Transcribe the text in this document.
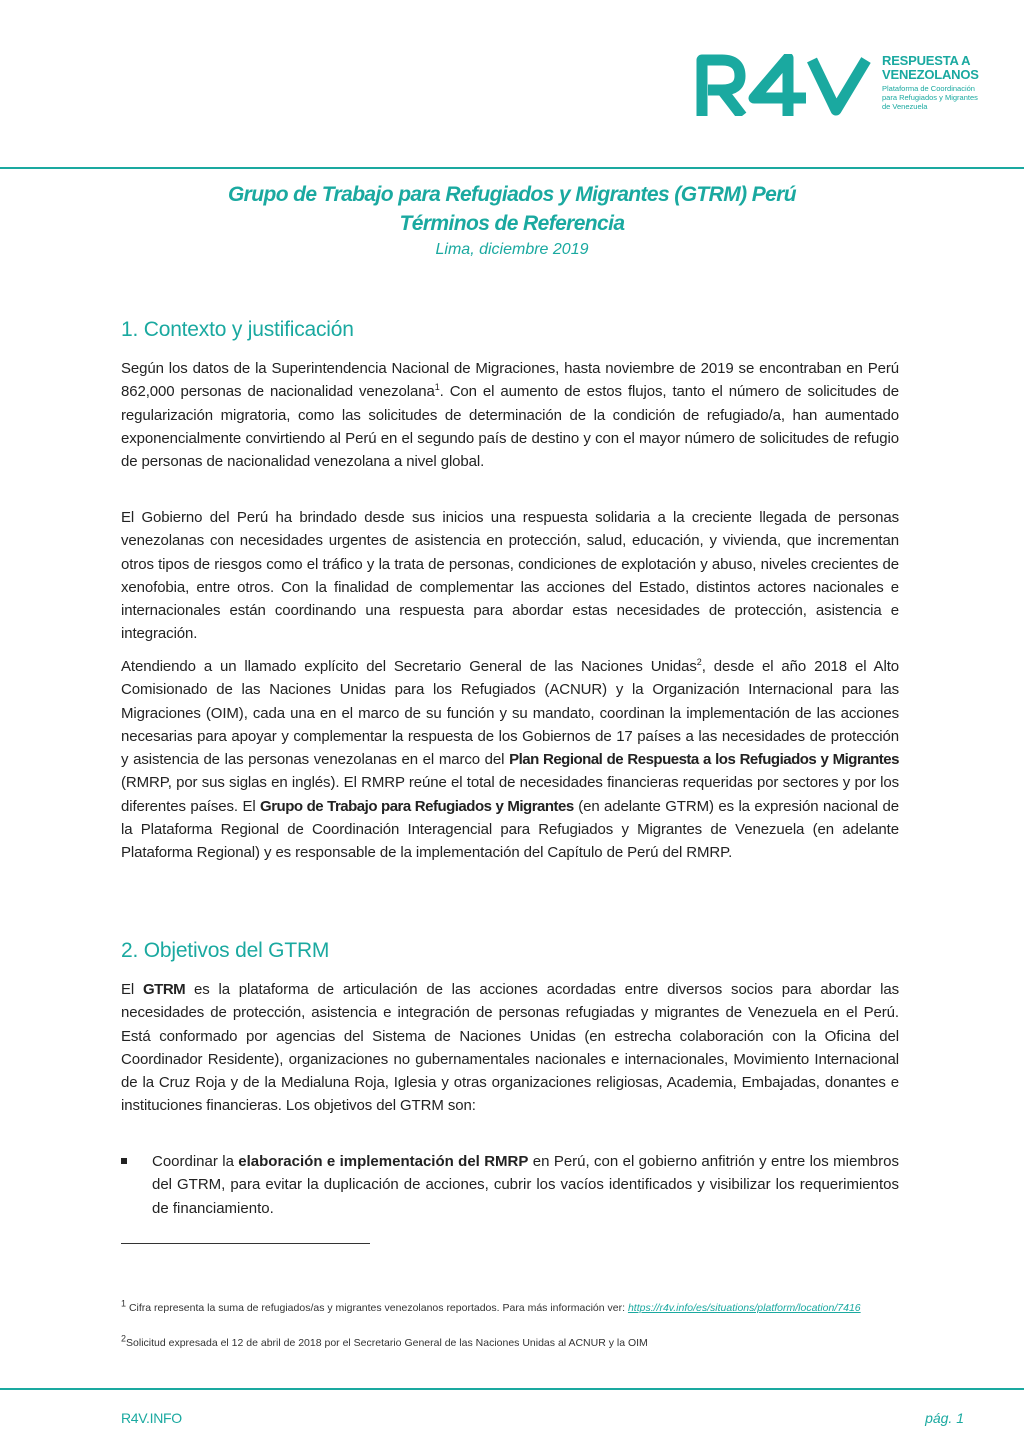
RESPUESTA A
VENEZOLANOS
Plataforma de Coordinación para Refugiados y Migrantes de Venezuela
Grupo de Trabajo para Refugiados y Migrantes (GTRM) Perú
Términos de Referencia
Lima, diciembre 2019
1. Contexto y justificación

Según los datos de la Superintendencia Nacional de Migraciones, hasta noviembre de 2019 se encontraban en Perú 862,000 personas de nacionalidad venezolana$^1$. Con el aumento de estos flujos, tanto el número de solicitudes de regularización migratoria, como las solicitudes de determinación de la condición de refugiado/a, han aumentado exponencialmente convirtiendo al Perú en el segundo país de destino y con el mayor número de solicitudes de refugio de personas de nacionalidad venezolana a nivel global.

El Gobierno del Perú ha brindado desde sus inicios una respuesta solidaria a la creciente llegada de personas venezolanas con necesidades urgentes de asistencia en protección, salud, educación, y vivienda, que incrementan otros tipos de riesgos como el tráfico y la trata de personas, condiciones de explotación y abuso, niveles crecientes de xenofobia, entre otros. Con la finalidad de complementar las acciones del Estado, distintos actores nacionales e internacionales están coordinando una respuesta para abordar estas necesidades de protección, asistencia e integración.

Atendiendo a un llamado explícito del Secretario General de las Naciones Unidas$^2$, desde el año 2018 el Alto Comisionado de las Naciones Unidas para los Refugiados (ACNUR) y la Organización Internacional para las Migraciones (OIM), cada una en el marco de su función y su mandato, coordinan la implementación de las acciones necesarias para apoyar y complementar la respuesta de los Gobiernos de 17 países a las necesidades de protección y asistencia de las personas venezolanas en el marco del Plan Regional de Respuesta a los Refugiados y Migrantes (RMRP, por sus siglas en inglés). El RMRP reúne el total de necesidades financieras requeridas por sectores y por los diferentes países. El Grupo de Trabajo para Refugiados y Migrantes (en adelante GTRM) es la expresión nacional de la Plataforma Regional de Coordinación Interagencial para Refugiados y Migrantes de Venezuela (en adelante Plataforma Regional) y es responsable de la implementación del Capítulo de Perú del RMRP.

2. Objetivos del GTRM

El GTRM es la plataforma de articulación de las acciones acordadas entre diversos socios para abordar las necesidades de protección, asistencia e integración de personas refugiadas y migrantes de Venezuela en el Perú. Está conformado por agencias del Sistema de Naciones Unidas (en estrecha colaboración con la Oficina del Coordinador Residente), organizaciones no gubernamentales nacionales e internacionales, Movimiento Internacional de la Cruz Roja y de la Medialuna Roja, Iglesia y otras organizaciones religiosas, Academia, Embajadas, donantes e instituciones financieras. Los objetivos del GTRM son:

Coordinar la elaboración e implementación del RMRP en Perú, con el gobierno anfitrión y entre los miembros del GTRM, para evitar la duplicación de acciones, cubrir los vacíos identificados y visibilizar los requerimientos de financiamiento.
$^1$ Cifra representa la suma de refugiados/as y migrantes venezolanos reportados. Para más información ver: https://r4v.info/es/situations/platform/location/7416
$^2$Solicitud expresada el 12 de abril de 2018 por el Secretario General de las Naciones Unidas al ACNUR y la OIM
R4V.INFO	pág. 1
